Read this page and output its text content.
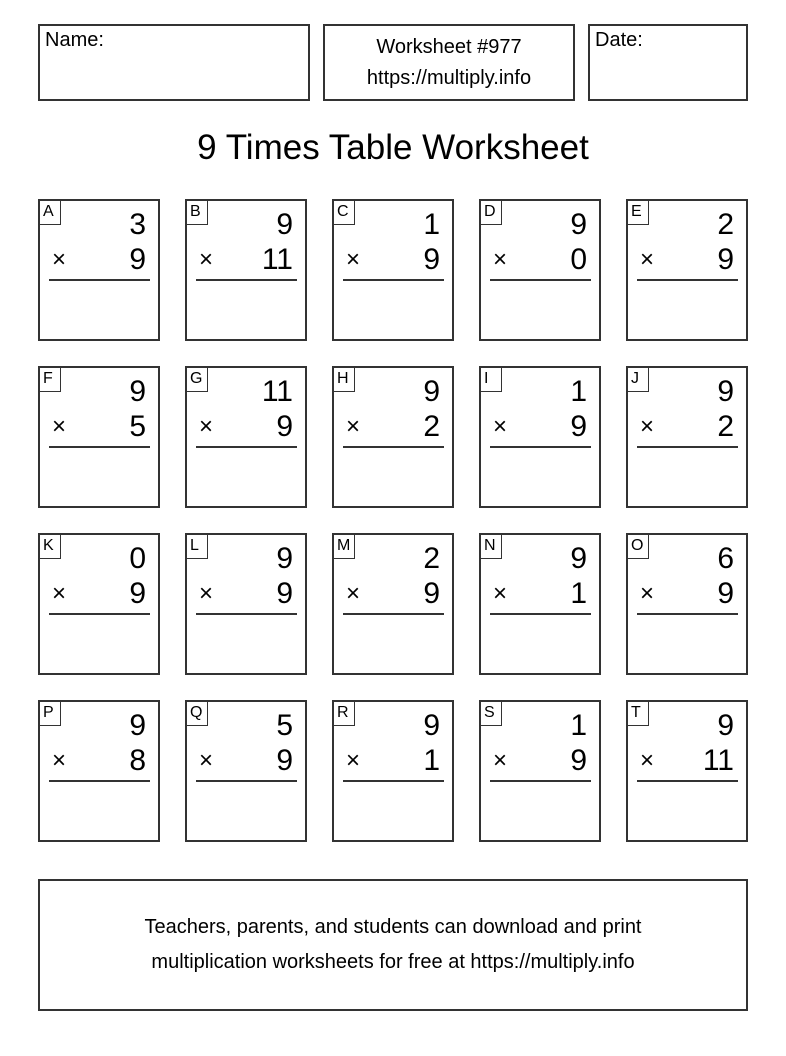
Name:	Worksheet #977
https://multiply.info
Date:
9 Times Table Worksheet
A	3
× 9
B	9
× 11
C 1
× 9
D 9
× 0
E	2
× 9
F	9
× 5
G 11
× 9
H 9
× 2
I	1
× 9
J	9
× 2
K	0
× 9
L	9
× 9
M 2
× 9
N 9
× 1
O 6
× 9
P	9
× 8
Q 5
× 9
R 9
× 1
S	1
× 9
T	9
× 11
Teachers, parents, and students can download and print
multiplication worksheets for free at https://multiply.info
